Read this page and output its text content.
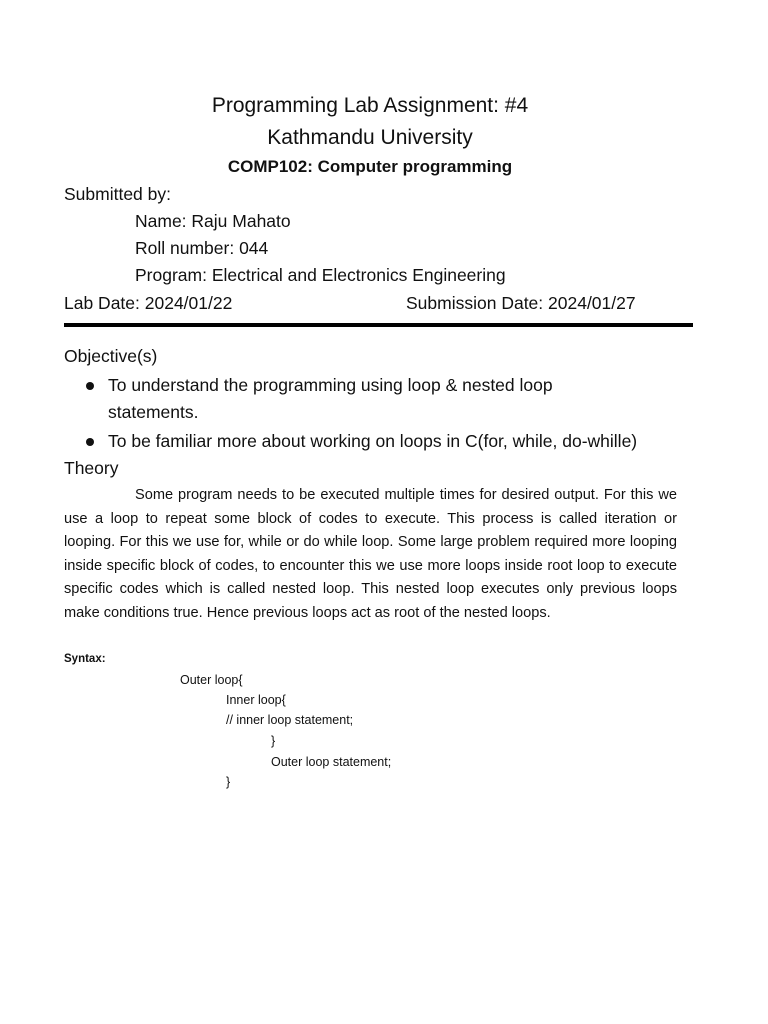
Programming Lab Assignment: #4
Kathmandu University
COMP102: Computer programming
Submitted by:
Name: Raju Mahato
Roll number: 044
Program: Electrical and Electronics Engineering
Lab Date: 2024/01/22	Submission Date: 2024/01/27
Objective(s)
To understand the programming using loop & nested loop
statements.
To be familiar more about working on loops in C(for, while, do-whille)
Theory
Some program needs to be executed multiple times for desired output. For this we use a loop to repeat some block of codes to execute. This process is called iteration or looping. For this we use for, while or do while loop. Some large problem required more looping inside specific block of codes, to encounter this we use more loops inside root loop to execute specific codes which is called nested loop. This nested loop executes only previous loops make conditions true. Hence previous loops act as root of the nested loops.
Syntax:
Outer loop{
Inner loop{
// inner loop statement;
}
Outer loop statement;
}
